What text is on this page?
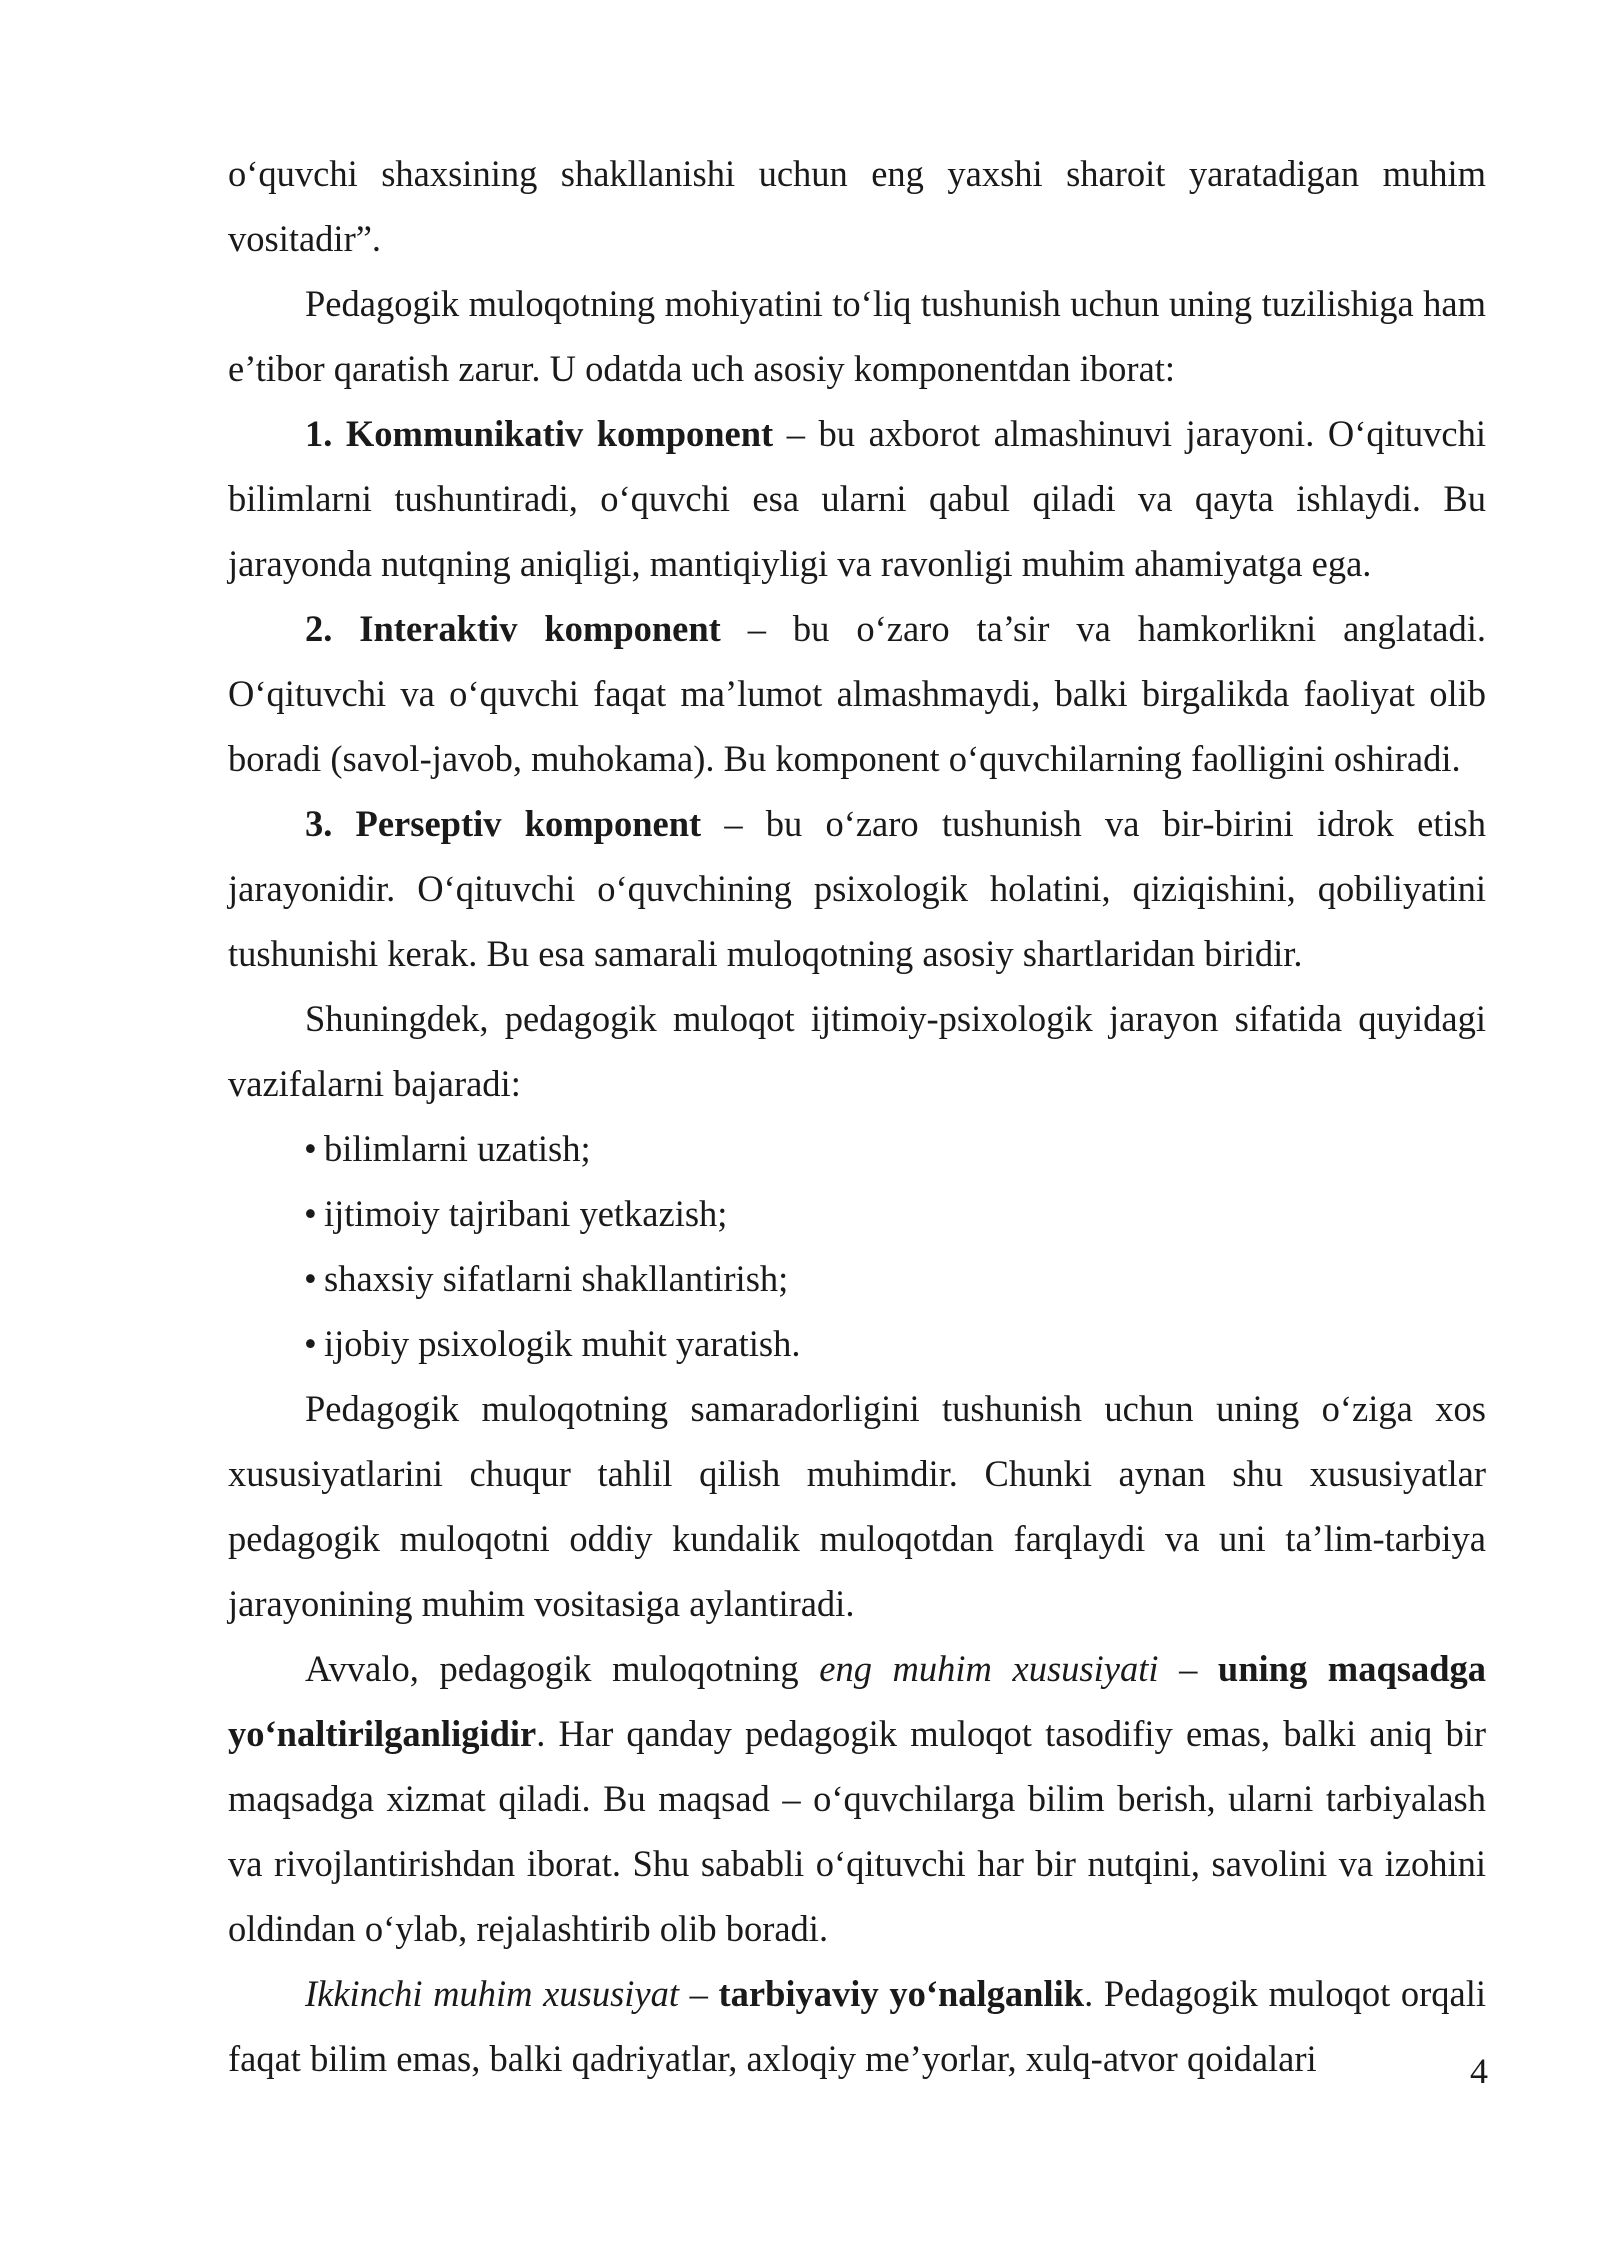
o‘quvchi shaxsining shakllanishi uchun eng yaxshi sharoit yaratadigan muhim vositadir”.

Pedagogik muloqotning mohiyatini to‘liq tushunish uchun uning tuzilishiga ham e’tibor qaratish zarur. U odatda uch asosiy komponentdan iborat:

1. Kommunikativ komponent – bu axborot almashinuvi jarayoni. O‘qituvchi bilimlarni tushuntiradi, o‘quvchi esa ularni qabul qiladi va qayta ishlaydi. Bu jarayonda nutqning aniqligi, mantiqiyligi va ravonligi muhim ahamiyatga ega.

2. Interaktiv komponent – bu o‘zaro ta’sir va hamkorlikni anglatadi. O‘qituvchi va o‘quvchi faqat ma’lumot almashmaydi, balki birgalikda faoliyat olib boradi (savol-javob, muhokama). Bu komponent o‘quvchilarning faolligini oshiradi.

3. Perseptiv komponent – bu o‘zaro tushunish va bir-birini idrok etish jarayonidir. O‘qituvchi o‘quvchining psixologik holatini, qiziqishini, qobiliyatini tushunishi kerak. Bu esa samarali muloqotning asosiy shartlaridan biridir.

Shuningdek, pedagogik muloqot ijtimoiy-psixologik jarayon sifatida quyidagi vazifalarni bajaradi:

• bilimlarni uzatish;

• ijtimoiy tajribani yetkazish;

• shaxsiy sifatlarni shakllantirish;

• ijobiy psixologik muhit yaratish.

Pedagogik muloqotning samaradorligini tushunish uchun uning o‘ziga xos xususiyatlarini chuqur tahlil qilish muhimdir. Chunki aynan shu xususiyatlar pedagogik muloqotni oddiy kundalik muloqotdan farqlaydi va uni ta’lim-tarbiya jarayonining muhim vositasiga aylantiradi.

Avvalo, pedagogik muloqotning eng muhim xususiyati – uning maqsadga yo‘naltirilganligidir. Har qanday pedagogik muloqot tasodifiy emas, balki aniq bir maqsadga xizmat qiladi. Bu maqsad – o‘quvchilarga bilim berish, ularni tarbiyalash va rivojlantirishdan iborat. Shu sababli o‘qituvchi har bir nutqini, savolini va izohini oldindan o‘ylab, rejalashtirib olib boradi.

Ikkinchi muhim xususiyat – tarbiyaviy yo‘nalganlik. Pedagogik muloqot orqali faqat bilim emas, balki qadriyatlar, axloqiy me’yorlar, xulq-atvor qoidalari	4
